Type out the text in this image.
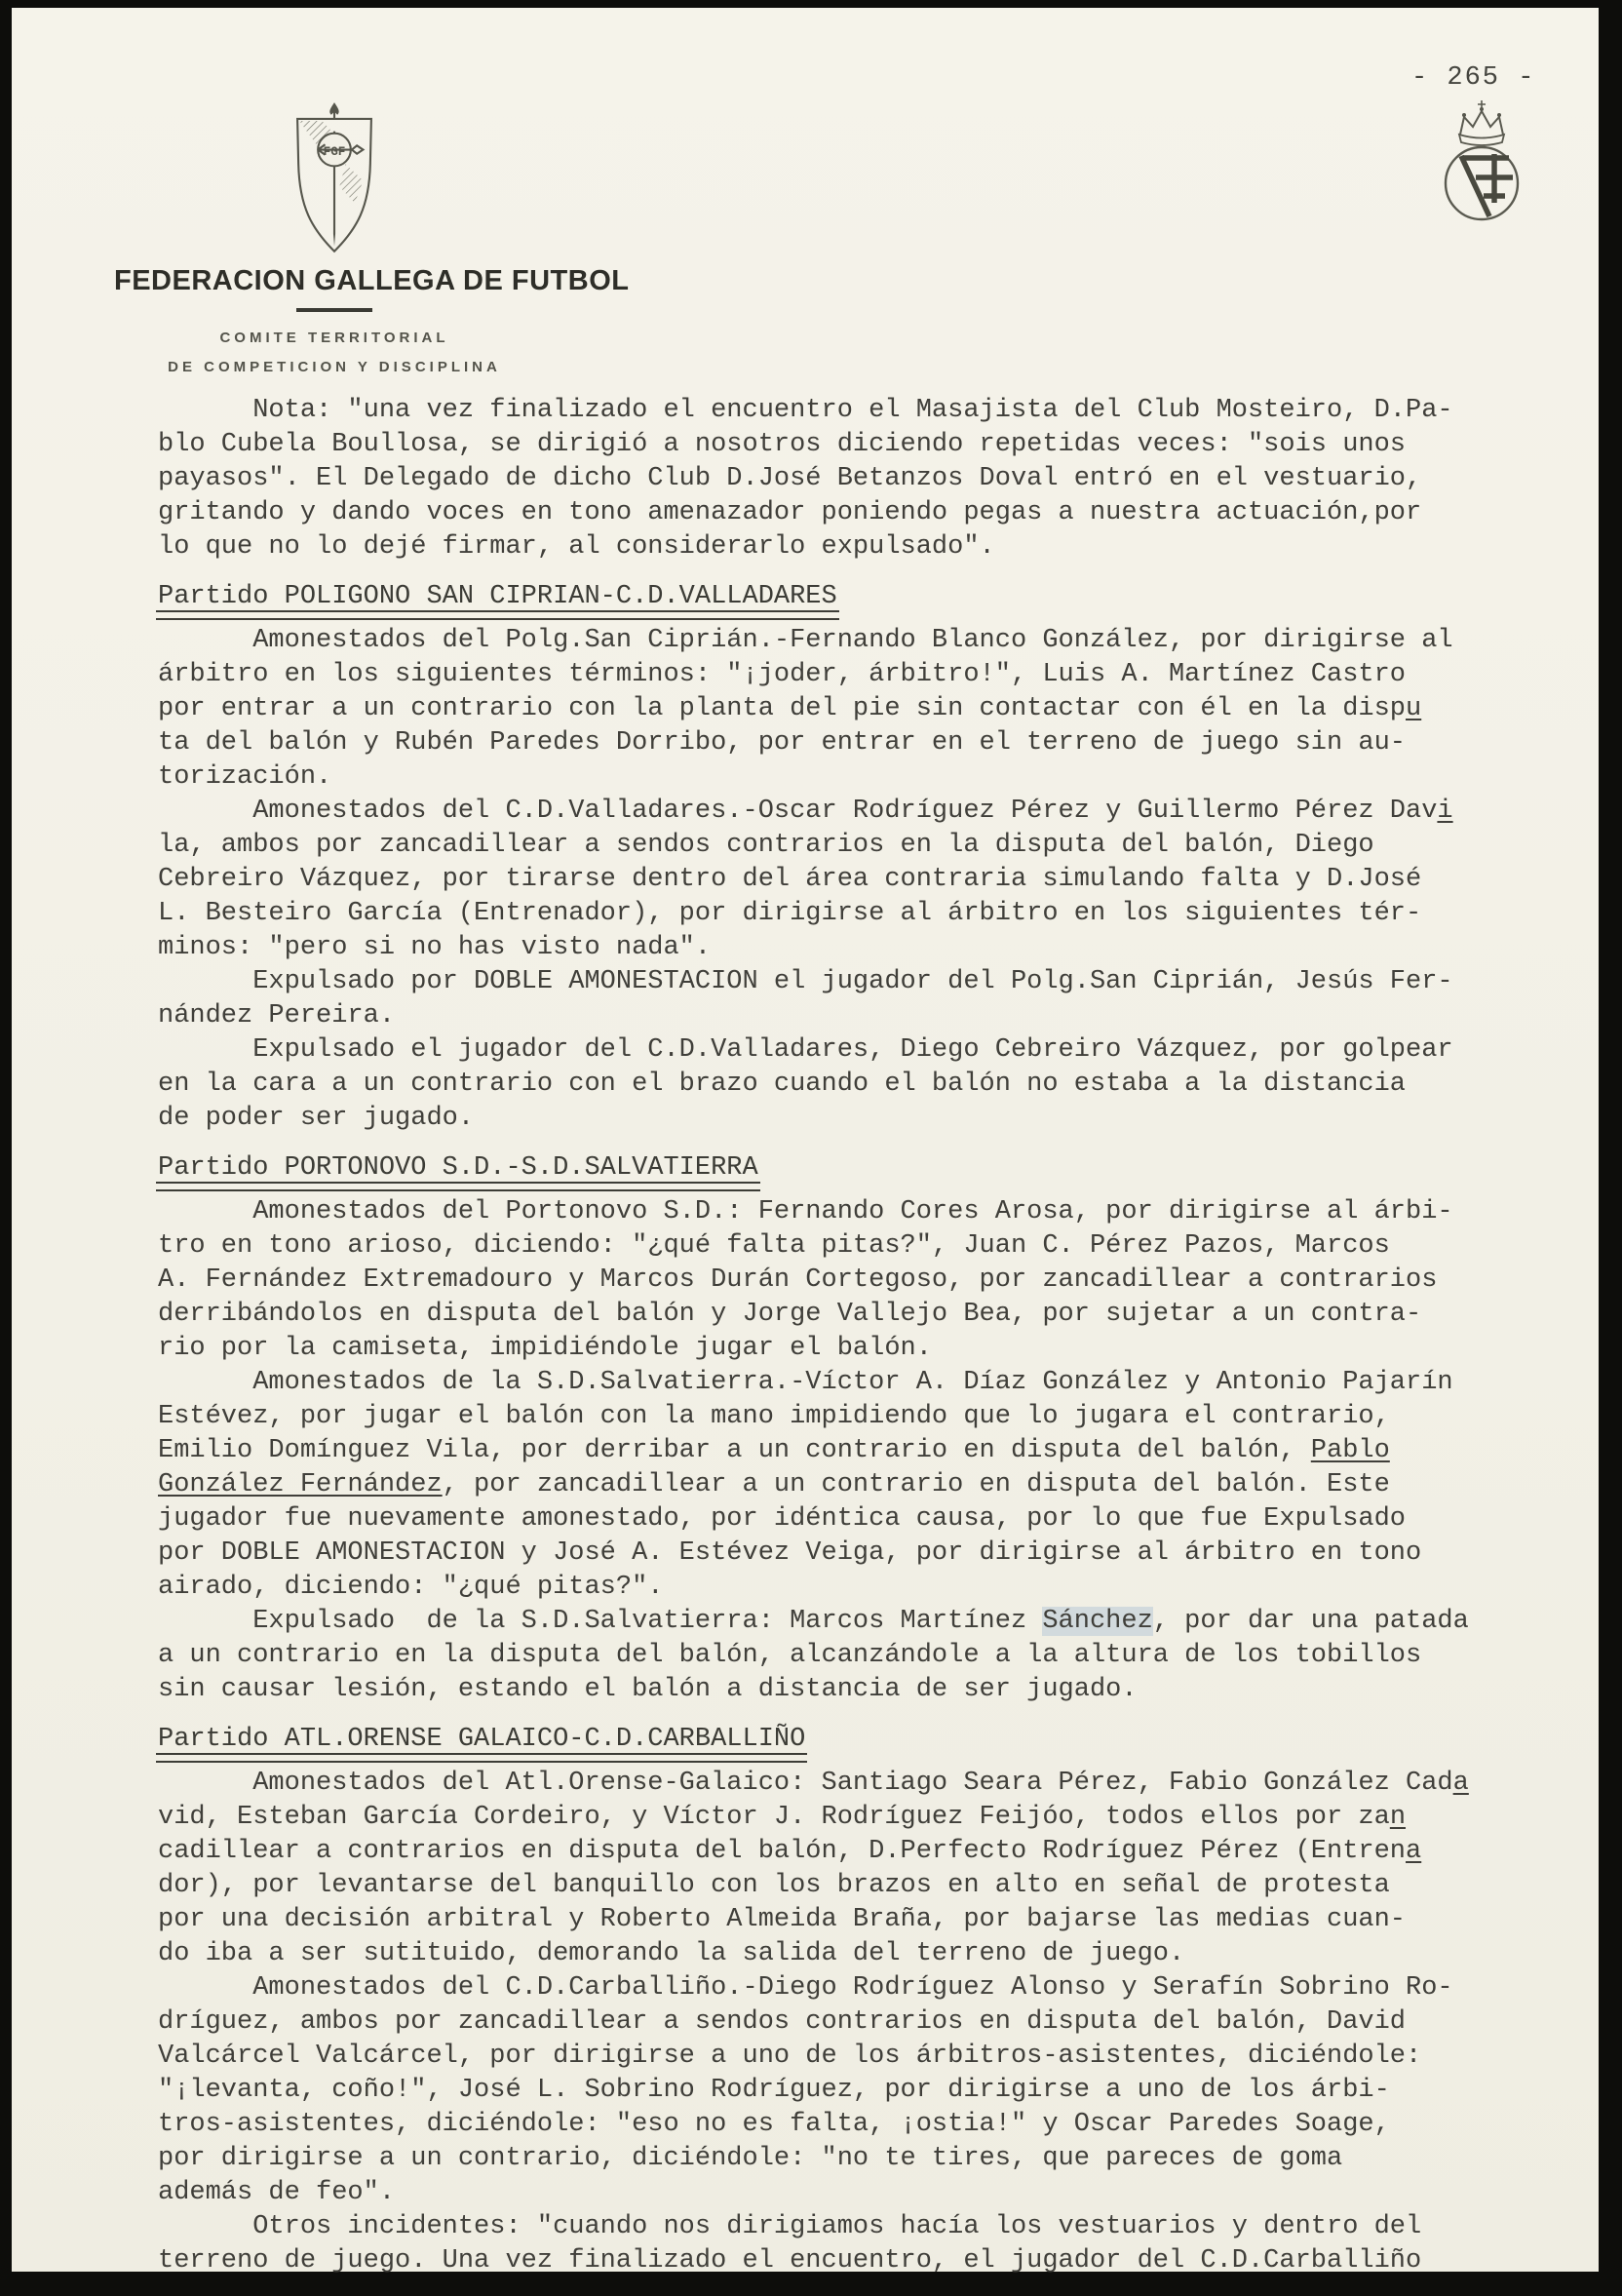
- 265 -
FGF
FEDERACION GALLEGA DE FUTBOL
COMITE TERRITORIAL
DE COMPETICION Y DISCIPLINA
Nota: "una vez finalizado el encuentro el Masajista del Club Mosteiro, D.Pa-
blo Cubela Boullosa, se dirigió a nosotros diciendo repetidas veces: "sois unos
payasos". El Delegado de dicho Club D.José Betanzos Doval entró en el vestuario,
gritando y dando voces en tono amenazador poniendo pegas a nuestra actuación,por
lo que no lo dejé firmar, al considerarlo expulsado".
Partido POLIGONO SAN CIPRIAN-C.D.VALLADARES
Amonestados del Polg.San Ciprián.-Fernando Blanco González, por dirigirse al
árbitro en los siguientes términos: "¡joder, árbitro!", Luis A. Martínez Castro
por entrar a un contrario con la planta del pie sin contactar con él en la dispu
ta del balón y Rubén Paredes Dorribo, por entrar en el terreno de juego sin au-
torización.
Amonestados del C.D.Valladares.-Oscar Rodríguez Pérez y Guillermo Pérez Davi
la, ambos por zancadillear a sendos contrarios en la disputa del balón, Diego
Cebreiro Vázquez, por tirarse dentro del área contraria simulando falta y D.José
L. Besteiro García (Entrenador), por dirigirse al árbitro en los siguientes tér-
minos: "pero si no has visto nada".
Expulsado por DOBLE AMONESTACION el jugador del Polg.San Ciprián, Jesús Fer-
nández Pereira.
Expulsado el jugador del C.D.Valladares, Diego Cebreiro Vázquez, por golpear
en la cara a un contrario con el brazo cuando el balón no estaba a la distancia
de poder ser jugado.
Partido PORTONOVO S.D.-S.D.SALVATIERRA
Amonestados del Portonovo S.D.: Fernando Cores Arosa, por dirigirse al árbi-
tro en tono arioso, diciendo: "¿qué falta pitas?", Juan C. Pérez Pazos, Marcos
A. Fernández Extremadouro y Marcos Durán Cortegoso, por zancadillear a contrarios
derribándolos en disputa del balón y Jorge Vallejo Bea, por sujetar a un contra-
rio por la camiseta, impidiéndole jugar el balón.
Amonestados de la S.D.Salvatierra.-Víctor A. Díaz González y Antonio Pajarín
Estévez, por jugar el balón con la mano impidiendo que lo jugara el contrario,
Emilio Domínguez Vila, por derribar a un contrario en disputa del balón, Pablo
González Fernández, por zancadillear a un contrario en disputa del balón. Este
jugador fue nuevamente amonestado, por idéntica causa, por lo que fue Expulsado
por DOBLE AMONESTACION y José A. Estévez Veiga, por dirigirse al árbitro en tono
airado, diciendo: "¿qué pitas?".
Expulsado  de la S.D.Salvatierra: Marcos Martínez Sánchez, por dar una patada
a un contrario en la disputa del balón, alcanzándole a la altura de los tobillos
sin causar lesión, estando el balón a distancia de ser jugado.
Partido ATL.ORENSE GALAICO-C.D.CARBALLIÑO
Amonestados del Atl.Orense-Galaico: Santiago Seara Pérez, Fabio González Cada
vid, Esteban García Cordeiro, y Víctor J. Rodríguez Feijóo, todos ellos por zan
cadillear a contrarios en disputa del balón, D.Perfecto Rodríguez Pérez (Entrena
dor), por levantarse del banquillo con los brazos en alto en señal de protesta
por una decisión arbitral y Roberto Almeida Braña, por bajarse las medias cuan-
do iba a ser sutituido, demorando la salida del terreno de juego.
Amonestados del C.D.Carballiño.-Diego Rodríguez Alonso y Serafín Sobrino Ro-
dríguez, ambos por zancadillear a sendos contrarios en disputa del balón, David
Valcárcel Valcárcel, por dirigirse a uno de los árbitros-asistentes, diciéndole:
"¡levanta, coño!", José L. Sobrino Rodríguez, por dirigirse a uno de los árbi-
tros-asistentes, diciéndole: "eso no es falta, ¡ostia!" y Oscar Paredes Soage,
por dirigirse a un contrario, diciéndole: "no te tires, que pareces de goma
además de feo".
Otros incidentes: "cuando nos dirigiamos hacía los vestuarios y dentro del
terreno de juego. Una vez finalizado el encuentro, el jugador del C.D.Carballiño
